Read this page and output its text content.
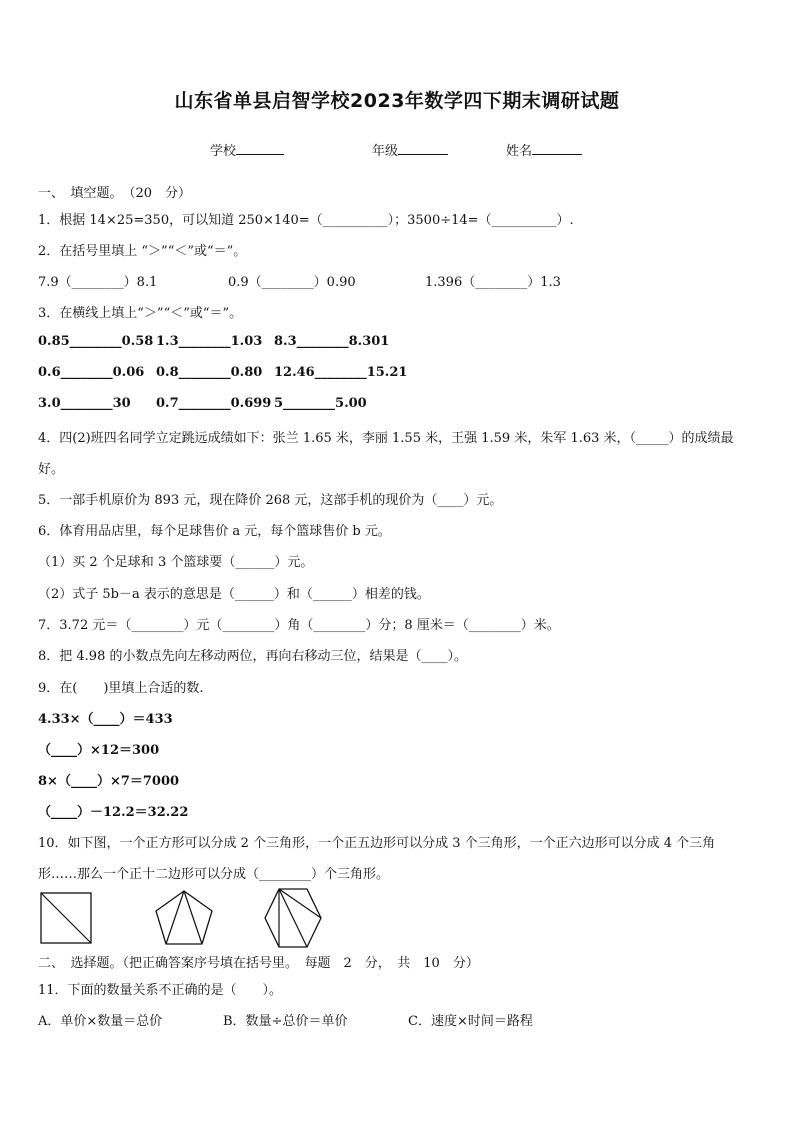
山东省单县启智学校2023年数学四下期末调研试题
学校	年级	姓名
一、　填空题。　（20　分）
1．根据 14×25=350，可以知道 250×140=（__________）；3500÷14=（__________）.
2．在括号里填上 “＞”“＜”或“＝”。
7.9（________）8.1	0.9（________）0.90	1.396（________）1.3
3．在横线上填上“＞”“＜”或“＝”。
0.85________0.58 1.3________1.03 8.3________8.301
0.6________0.06 0.8________0.80 12.46________15.21
3.0________30 0.7________0.699 5________5.00
4．四(2)班四名同学立定跳远成绩如下：张兰 1.65 米，李丽 1.55 米，王强 1.59 米，朱军 1.63 米，（_____）的成绩最
好。
5．一部手机原价为 893 元，现在降价 268 元，这部手机的现价为（____）元。
6．体育用品店里，每个足球售价 a 元，每个篮球售价 b 元。
（1）买 2 个足球和 3 个篮球要（______）元。
（2）式子 5b－a 表示的意思是（______）和（______）相差的钱。
7．3.72 元＝（________）元（________）角（________）分；8 厘米＝（________）米。
8．把 4.98 的小数点先向左移动两位，再向右移动三位，结果是（____）。
9．在(　　)里填上合适的数.
4.33×（____）＝433
（____）×12＝300
8×（____）×7＝7000
（____）－12.2＝32.22
10．如下图，一个正方形可以分成 2 个三角形，一个正五边形可以分成 3 个三角形，一个正六边形可以分成 4 个三角
形……那么一个正十二边形可以分成（________）个三角形。
二、　选择题。（把正确答案序号填在括号里。　每题　2　分，　共　10　分）
11．下面的数量关系不正确的是（　　）。
A．单价×数量＝总价	B．数量÷总价＝单价	C．速度×时间＝路程
